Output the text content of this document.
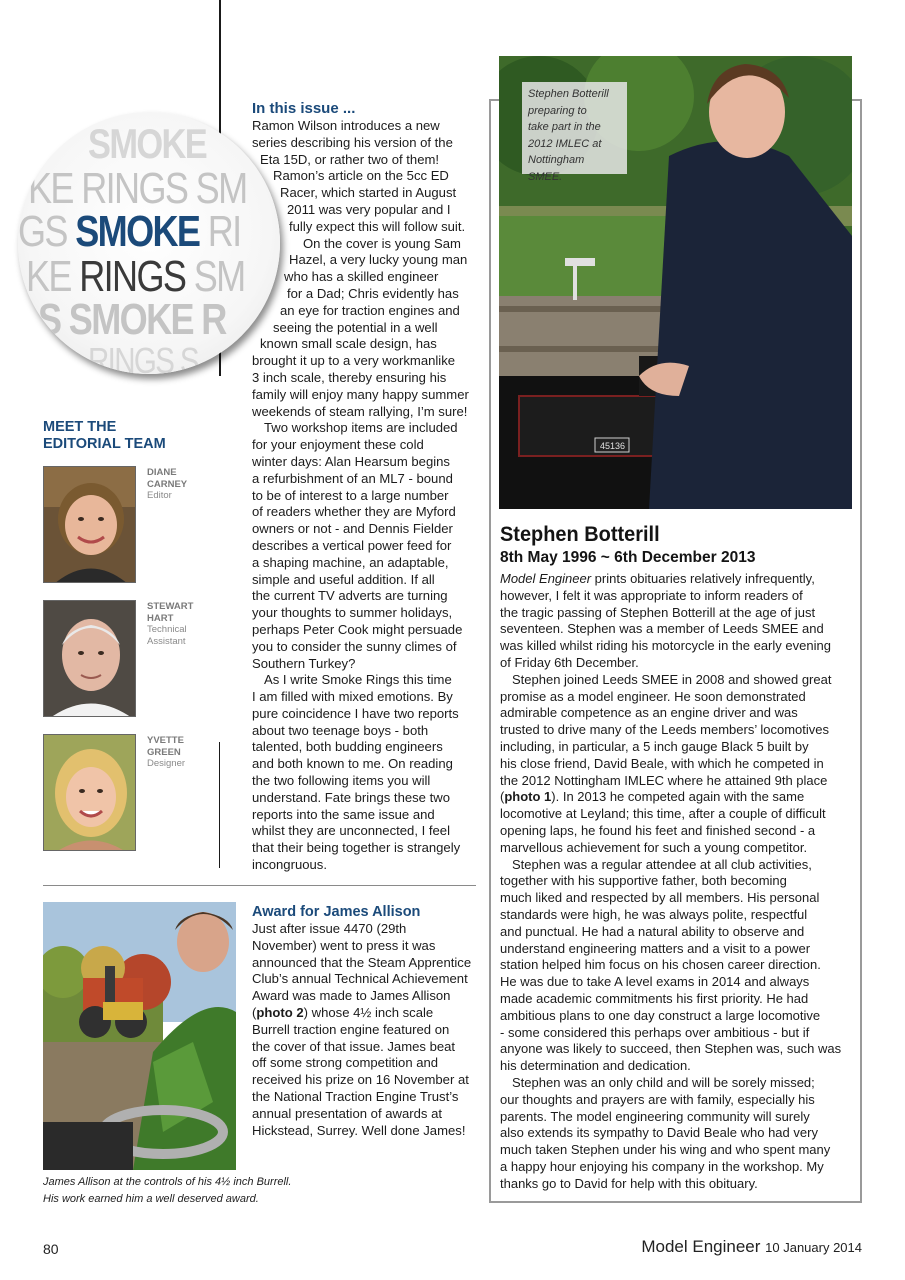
SMOKE
KE RINGS SM
GS SMOKE RI
KE RINGS SM
S SMOKE R
RINGS S
In this issue ...
Ramon Wilson introduces a new
series describing his version of the
Eta 15D, or rather two of them!
Ramon’s article on the 5cc ED
Racer, which started in August
2011 was very popular and I
fully expect this will follow suit.
On the cover is young Sam
Hazel, a very lucky young man
who has a skilled engineer
for a Dad; Chris evidently has
an eye for traction engines and
seeing the potential in a well
known small scale design, has
brought it up to a very workmanlike
3 inch scale, thereby ensuring his
family will enjoy many happy summer
weekends of steam rallying, I’m sure!
Two workshop items are included
for your enjoyment these cold
winter days: Alan Hearsum begins
a refurbishment of an ML7 - bound
to be of interest to a large number
of readers whether they are Myford
owners or not - and Dennis Fielder
describes a vertical power feed for
a shaping machine, an adaptable,
simple and useful addition. If all
the current TV adverts are turning
your thoughts to summer holidays,
perhaps Peter Cook might persuade
you to consider the sunny climes of
Southern Turkey?
As I write Smoke Rings this time
I am filled with mixed emotions. By
pure coincidence I have two reports
about two teenage boys - both
talented, both budding engineers
and both known to me. On reading
the two following items you will
understand. Fate brings these two
reports into the same issue and
whilst they are unconnected, I feel
that their being together is strangely
incongruous.
MEET THE
EDITORIAL TEAM
DIANE
CARNEY
Editor
STEWART
HART
Technical Assistant
YVETTE
GREEN
Designer
Award for James Allison
Just after issue 4470 (29th
November) went to press it was
announced that the Steam Apprentice
Club’s annual Technical Achievement
Award was made to James Allison
(photo 2) whose 4½ inch scale
Burrell traction engine featured on
the cover of that issue. James beat
off some strong competition and
received his prize on 16 November at
the National Traction Engine Trust’s
annual presentation of awards at
Hickstead, Surrey. Well done James!
James Allison at the controls of his 4½ inch Burrell.
His work earned him a well deserved award.
45136
Stephen Botterill
preparing to
take part in the
2012 IMLEC at
Nottingham SMEE.
Stephen Botterill
8th May 1996 ~ 6th December 2013
Model Engineer prints obituaries relatively infrequently,
however, I felt it was appropriate to inform readers of
the tragic passing of Stephen Botterill at the age of just
seventeen. Stephen was a member of Leeds SMEE and
was killed whilst riding his motorcycle in the early evening
of Friday 6th December.
Stephen joined Leeds SMEE in 2008 and showed great
promise as a model engineer. He soon demonstrated
admirable competence as an engine driver and was
trusted to drive many of the Leeds members’ locomotives
including, in particular, a 5 inch gauge Black 5 built by
his close friend, David Beale, with which he competed in
the 2012 Nottingham IMLEC where he attained 9th place
(photo 1). In 2013 he competed again with the same
locomotive at Leyland; this time, after a couple of difficult
opening laps, he found his feet and finished second - a
marvellous achievement for such a young competitor.
Stephen was a regular attendee at all club activities,
together with his supportive father, both becoming
much liked and respected by all members. His personal
standards were high, he was always polite, respectful
and punctual. He had a natural ability to observe and
understand engineering matters and a visit to a power
station helped him focus on his chosen career direction.
He was due to take A level exams in 2014 and always
made academic commitments his first priority. He had
ambitious plans to one day construct a large locomotive
- some considered this perhaps over ambitious - but if
anyone was likely to succeed, then Stephen was, such was
his determination and dedication.
Stephen was an only child and will be sorely missed;
our thoughts and prayers are with family, especially his
parents. The model engineering community will surely
also extends its sympathy to David Beale who had very
much taken Stephen under his wing and who spent many
a happy hour enjoying his company in the workshop. My
thanks go to David for help with this obituary.
80	Model Engineer 10 January 2014
